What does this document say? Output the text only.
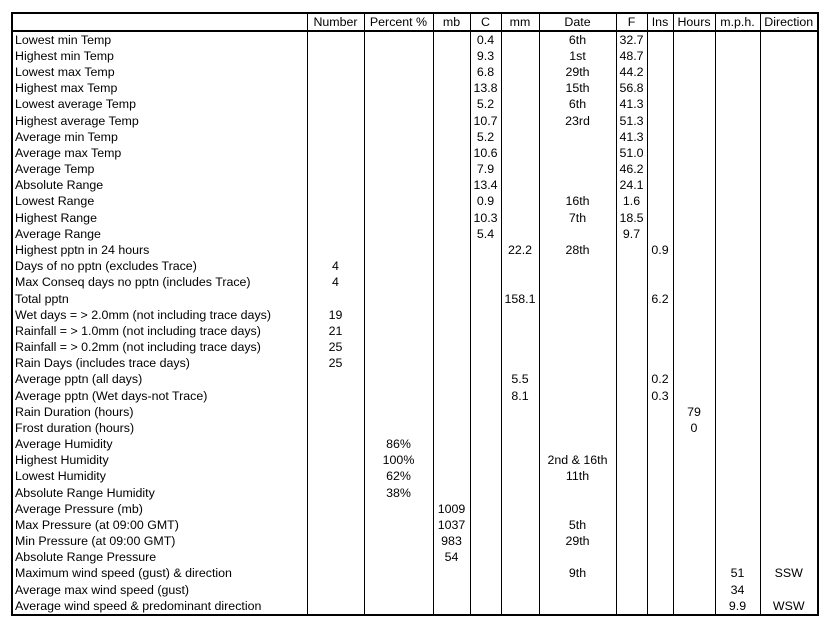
	Number	Percent %	mb	C	mm	Date	F	Ins	Hours	m.p.h.	Direction
Lowest min Temp				0.4		6th	32.7				
Highest min Temp				9.3		1st	48.7				
Lowest max Temp				6.8		29th	44.2				
Highest max Temp				13.8		15th	56.8				
Lowest average Temp				5.2		6th	41.3				
Highest average Temp				10.7		23rd	51.3				
Average min Temp				5.2			41.3				
Average max Temp				10.6			51.0				
Average Temp				7.9			46.2				
Absolute Range				13.4			24.1				
Lowest Range				0.9		16th	1.6				
Highest Range				10.3		7th	18.5				
Average Range				5.4			9.7				
Highest pptn in 24 hours					22.2	28th		0.9			
Days of no pptn (excludes Trace)	4										
Max Conseq days no pptn (includes Trace)	4										
Total pptn					158.1			6.2			
Wet days = > 2.0mm (not including trace days)	19										
Rainfall = > 1.0mm (not including trace days)	21										
Rainfall = > 0.2mm (not including trace days)	25										
Rain Days (includes trace days)	25										
Average pptn (all days)					5.5			0.2			
Average pptn (Wet days-not Trace)					8.1			0.3			
Rain Duration (hours)									79		
Frost duration (hours)									0		
Average Humidity		86%									
Highest Humidity		100%				2nd & 16th					
Lowest Humidity		62%				11th					
Absolute Range Humidity		38%									
Average Pressure (mb)			1009								
Max Pressure (at 09:00 GMT)			1037			5th					
Min Pressure (at 09:00 GMT)			983			29th					
Absolute Range Pressure			54								
Maximum wind speed (gust) & direction						9th				51	SSW
Average max wind speed (gust)										34	
Average wind speed & predominant direction										9.9	WSW
